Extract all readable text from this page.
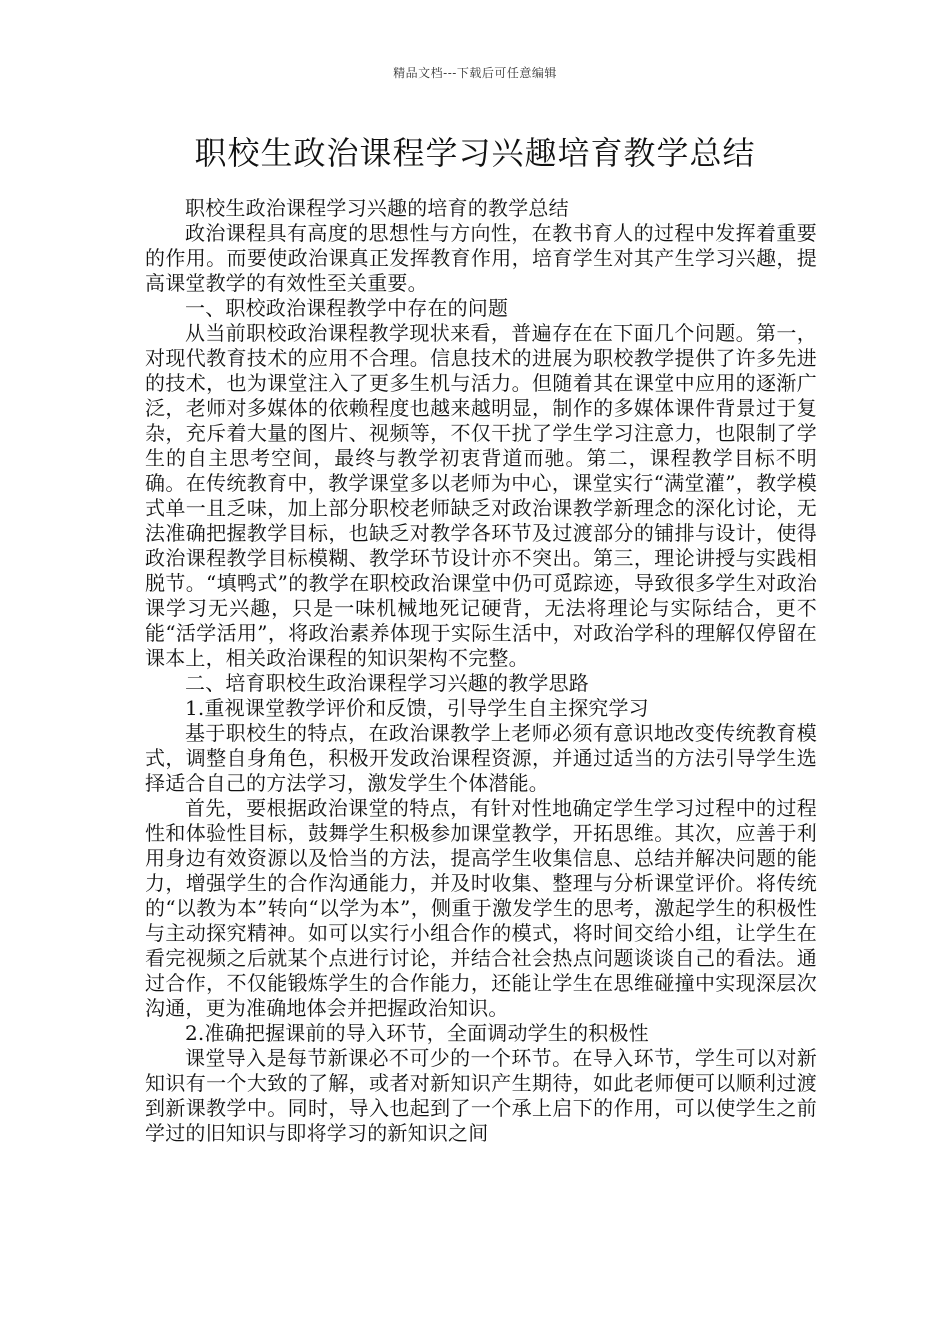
精品文档---下载后可任意编辑
职校生政治课程学习兴趣培育教学总结

职校生政治课程学习兴趣的培育的教学总结

政治课程具有高度的思想性与方向性，在教书育人的过程中发挥着重要的作用。而要使政治课真正发挥教育作用，培育学生对其产生学习兴趣，提高课堂教学的有效性至关重要。

一、职校政治课程教学中存在的问题

从当前职校政治课程教学现状来看，普遍存在在下面几个问题。第一，对现代教育技术的应用不合理。信息技术的进展为职校教学提供了许多先进的技术，也为课堂注入了更多生机与活力。但随着其在课堂中应用的逐渐广泛，老师对多媒体的依赖程度也越来越明显，制作的多媒体课件背景过于复杂，充斥着大量的图片、视频等，不仅干扰了学生学习注意力，也限制了学生的自主思考空间，最终与教学初衷背道而驰。第二，课程教学目标不明确。在传统教育中，教学课堂多以老师为中心，课堂实行“满堂灌”，教学模式单一且乏味，加上部分职校老师缺乏对政治课教学新理念的深化讨论，无法准确把握教学目标，也缺乏对教学各环节及过渡部分的铺排与设计，使得政治课程教学目标模糊、教学环节设计亦不突出。第三，理论讲授与实践相脱节。“填鸭式”的教学在职校政治课堂中仍可觅踪迹，导致很多学生对政治课学习无兴趣，只是一味机械地死记硬背，无法将理论与实际结合，更不能“活学活用”，将政治素养体现于实际生活中，对政治学科的理解仅停留在课本上，相关政治课程的知识架构不完整。

二、培育职校生政治课程学习兴趣的教学思路

1.重视课堂教学评价和反馈，引导学生自主探究学习

基于职校生的特点，在政治课教学上老师必须有意识地改变传统教育模式，调整自身角色，积极开发政治课程资源，并通过适当的方法引导学生选择适合自己的方法学习，激发学生个体潜能。

首先，要根据政治课堂的特点，有针对性地确定学生学习过程中的过程性和体验性目标，鼓舞学生积极参加课堂教学，开拓思维。其次，应善于利用身边有效资源以及恰当的方法，提高学生收集信息、总结并解决问题的能力，增强学生的合作沟通能力，并及时收集、整理与分析课堂评价。将传统的“以教为本”转向“以学为本”，侧重于激发学生的思考，激起学生的积极性与主动探究精神。如可以实行小组合作的模式，将时间交给小组，让学生在看完视频之后就某个点进行讨论，并结合社会热点问题谈谈自己的看法。通过合作，不仅能锻炼学生的合作能力，还能让学生在思维碰撞中实现深层次沟通，更为准确地体会并把握政治知识。

2.准确把握课前的导入环节，全面调动学生的积极性

课堂导入是每节新课必不可少的一个环节。在导入环节，学生可以对新知识有一个大致的了解，或者对新知识产生期待，如此老师便可以顺利过渡到新课教学中。同时，导入也起到了一个承上启下的作用，可以使学生之前学过的旧知识与即将学习的新知识之间
